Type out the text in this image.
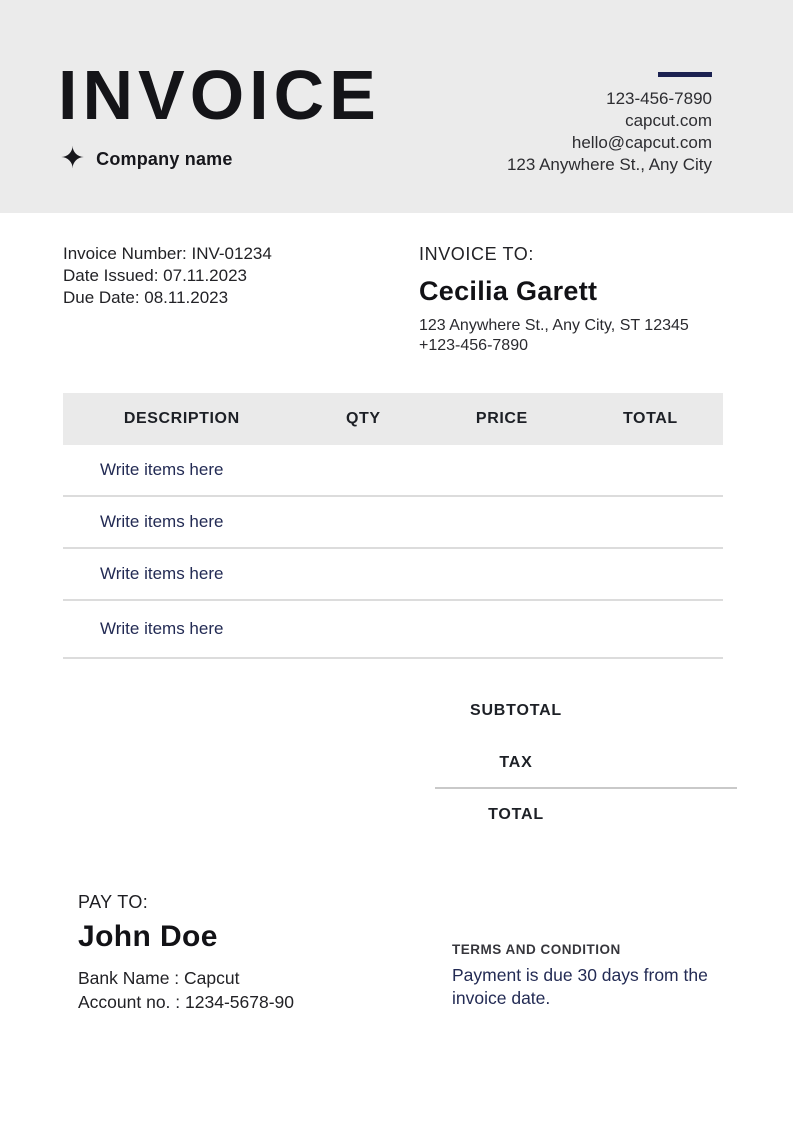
INVOICE
✦ Company name
123-456-7890
capcut.com
hello@capcut.com
123 Anywhere St., Any City
Invoice Number: INV-01234
Date Issued: 07.11.2023
Due Date: 08.11.2023
INVOICE TO:
Cecilia Garett
123 Anywhere St., Any City, ST 12345
+123-456-7890
DESCRIPTION	QTY	PRICE	TOTAL
Write items here
Write items here
Write items here
Write items here
SUBTOTAL
TAX
TOTAL
PAY TO:
John Doe
Bank Name : Capcut
Account no. : 1234-5678-90
TERMS AND CONDITION
Payment is due 30 days from the invoice date.
